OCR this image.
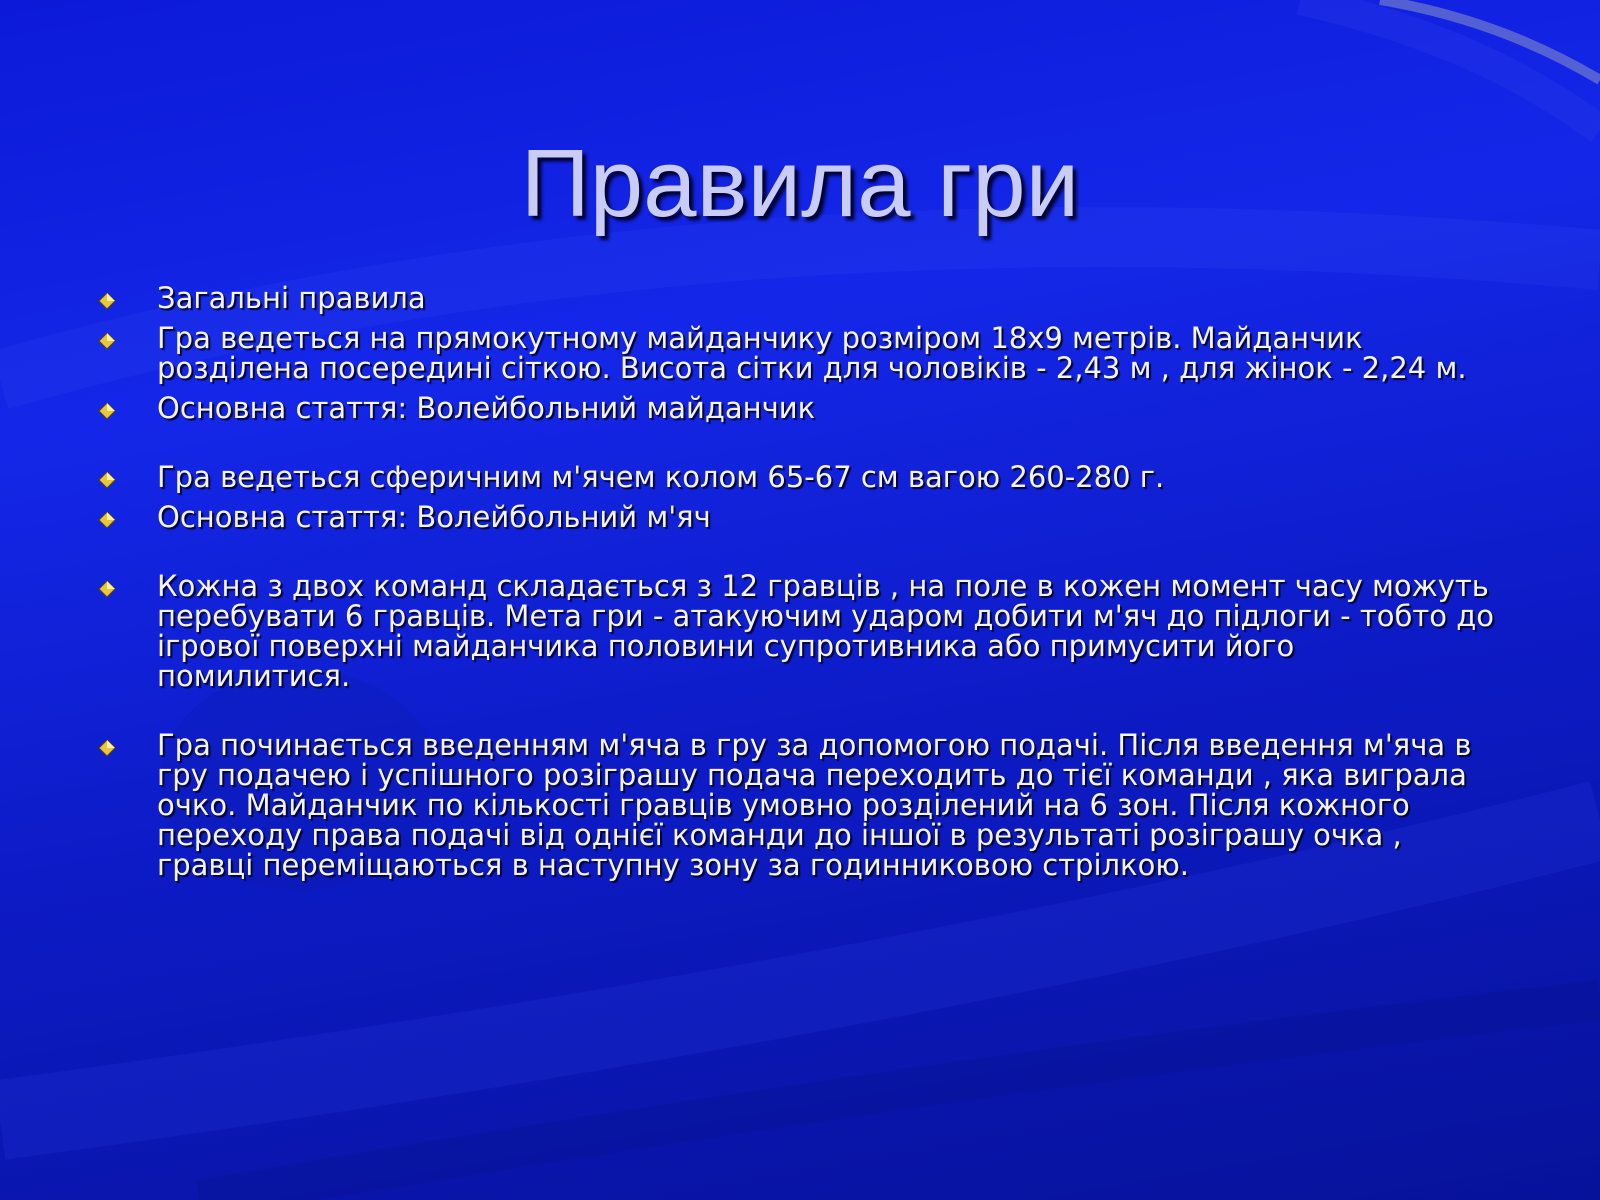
Правила гри
Загальні правила
Гра ведеться на прямокутному майданчику розміром 18х9 метрів. Майданчик розділена посередині сіткою. Висота сітки для чоловіків - 2,43 м , для жінок - 2,24 м.
Основна стаття: Волейбольний майданчик
Гра ведеться сферичним м'ячем колом 65-67 см вагою 260-280 г.
Основна стаття: Волейбольний м'яч
Кожна з двох команд складається з 12 гравців , на поле в кожен момент часу можуть перебувати 6 гравців. Мета гри - атакуючим ударом добити м'яч до підлоги - тобто до ігрової поверхні майданчика половини супротивника або примусити його помилитися.
Гра починається введенням м'яча в гру за допомогою подачі. Після введення м'яча в гру подачею і успішного розіграшу подача переходить до тієї команди , яка виграла очко. Майданчик по кількості гравців умовно розділений на 6 зон. Після кожного переходу права подачі від однієї команди до іншої в результаті розіграшу очка , гравці переміщаються в наступну зону за годинниковою стрілкою.
